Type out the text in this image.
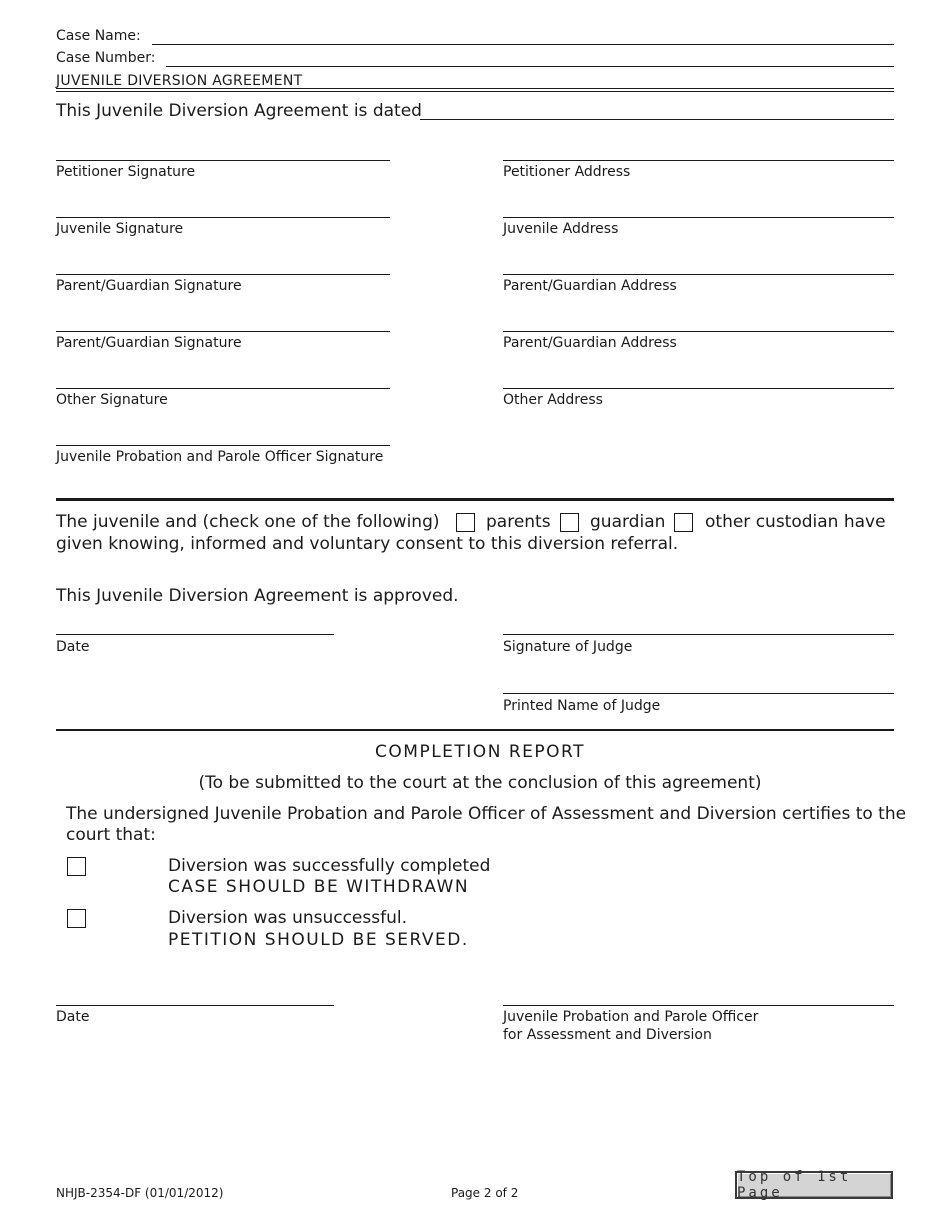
Case Name:
Case Number:
JUVENILE DIVERSION AGREEMENT
This Juvenile Diversion Agreement is dated
Petitioner Signature	Petitioner Address
Juvenile Signature	Juvenile Address
Parent/Guardian Signature	Parent/Guardian Address
Parent/Guardian Signature	Parent/Guardian Address
Other Signature	Other Address
Juvenile Probation and Parole Officer Signature
The juvenile and (check one of the following)	parents guardian other custodian have
given knowing, informed and voluntary consent to this diversion referral.
This Juvenile Diversion Agreement is approved.
Date	Signature of Judge
Printed Name of Judge
COMPLETION REPORT
(To be submitted to the court at the conclusion of this agreement)
The undersigned Juvenile Probation and Parole Officer of Assessment and Diversion certifies to the
court that:
Diversion was successfully completed
CASE SHOULD BE WITHDRAWN
Diversion was unsuccessful.
PETITION SHOULD BE SERVED.
Date	Juvenile Probation and Parole Officer
for Assessment and Diversion
NHJB-2354-DF (01/01/2012)	Page 2 of 2
Top of 1st Page
